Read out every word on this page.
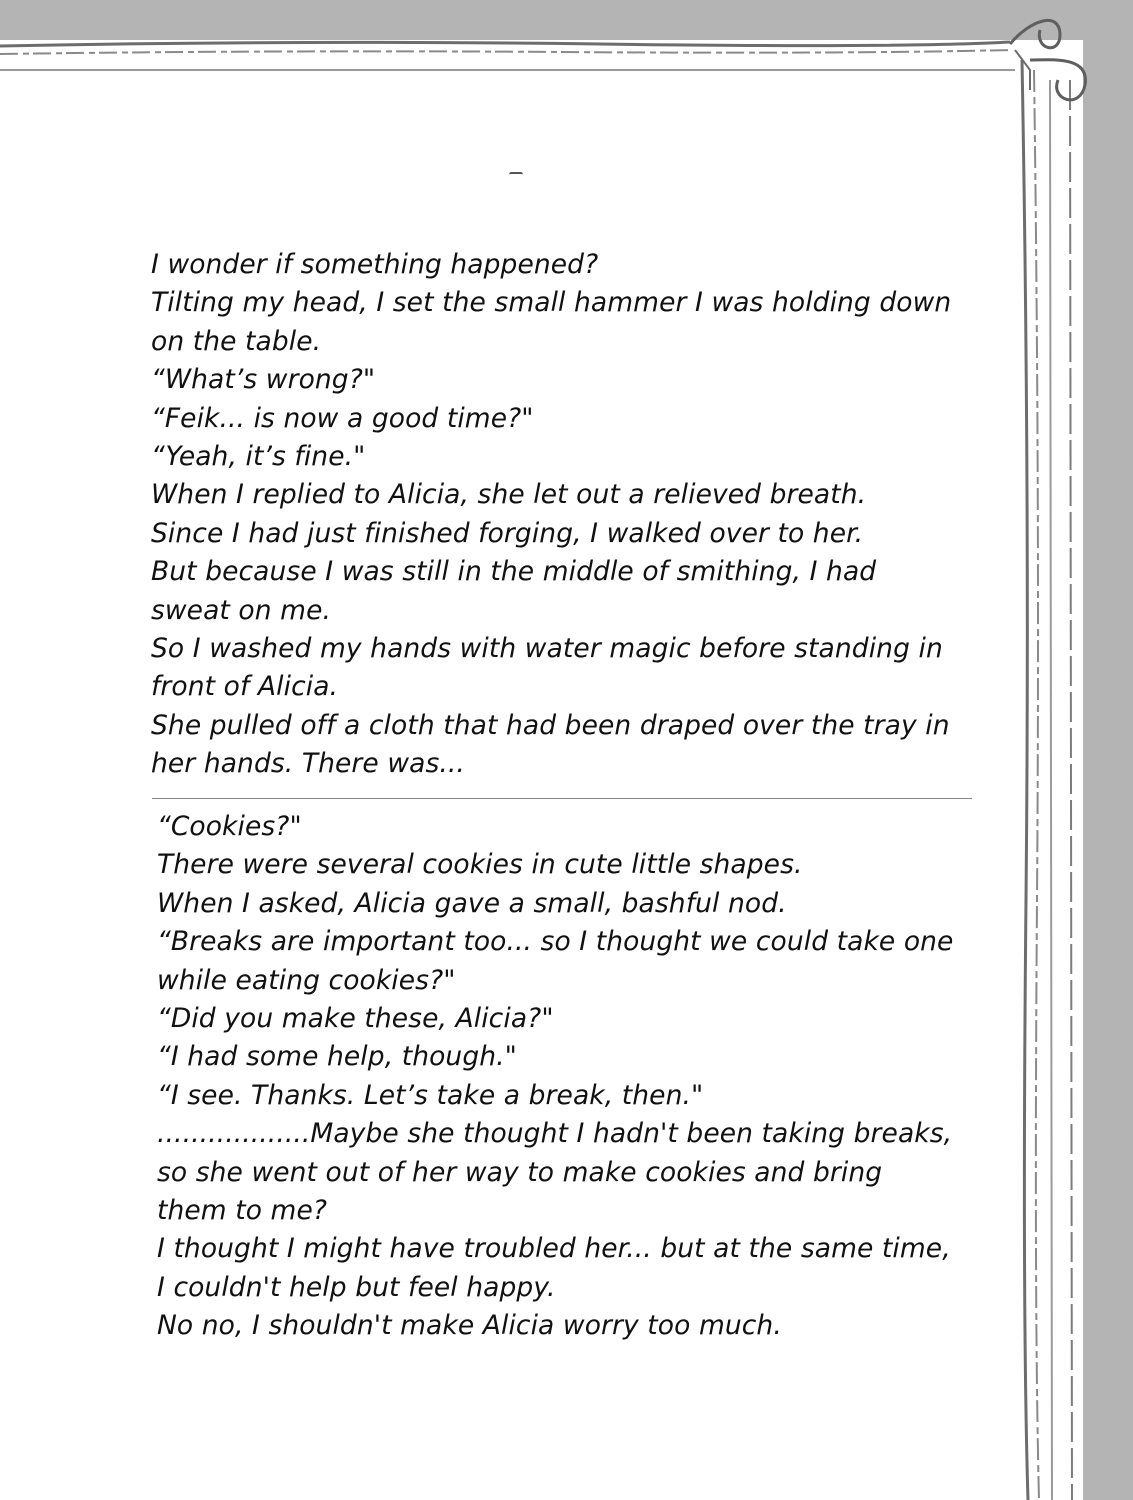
I wonder if something happened?
Tilting my head, I set the small hammer I was holding down
on the table.
“What’s wrong?"
“Feik... is now a good time?"
“Yeah, it’s fine."
When I replied to Alicia, she let out a relieved breath.
Since I had just finished forging, I walked over to her.
But because I was still in the middle of smithing, I had
sweat on me.
So I washed my hands with water magic before standing in
front of Alicia.
She pulled off a cloth that had been draped over the tray in
her hands. There was...
“Cookies?"
There were several cookies in cute little shapes.
When I asked, Alicia gave a small, bashful nod.
“Breaks are important too... so I thought we could take one
while eating cookies?"
“Did you make these, Alicia?"
“I had some help, though."
“I see. Thanks. Let’s take a break, then."
..................Maybe she thought I hadn't been taking breaks,
so she went out of her way to make cookies and bring
them to me?
I thought I might have troubled her... but at the same time,
I couldn't help but feel happy.
No no, I shouldn't make Alicia worry too much.
